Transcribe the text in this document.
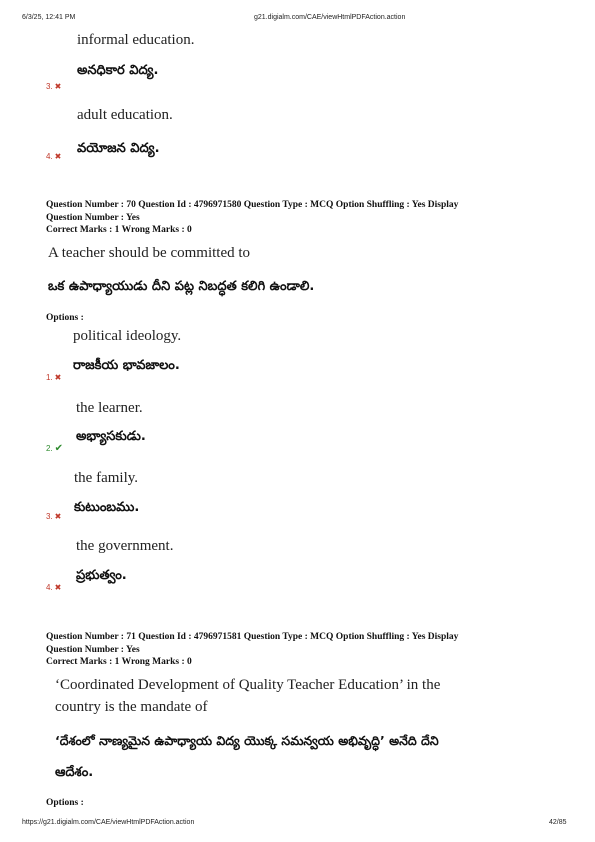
6/3/25, 12:41 PM	g21.digialm.com/CAE/viewHtmlPDFAction.action
informal education.
అనధికార విద్య.
3. ✖
adult education.
వయోజన విద్య.
4. ✖
Question Number : 70 Question Id : 4796971580 Question Type : MCQ Option Shuffling : Yes Display
Question Number : Yes
Correct Marks : 1 Wrong Marks : 0
A teacher should be committed to
ఒక ఉపాధ్యాయుడు దీని పట్ల నిబద్ధత కలిగి ఉండాలి.
Options :
political ideology.
రాజకీయ భావజాలం.
1. ✖
the learner.
అభ్యాసకుడు.
2. ✔
the family.
కుటుంబము.
3. ✖
the government.
ప్రభుత్వం.
4. ✖
Question Number : 71 Question Id : 4796971581 Question Type : MCQ Option Shuffling : Yes Display
Question Number : Yes
Correct Marks : 1 Wrong Marks : 0
‘Coordinated Development of Quality Teacher Education’ in the
country is the mandate of
‘దేశంలో నాణ్యమైన ఉపాధ్యాయ విద్య యొక్క సమన్వయ అభివృద్ధి’ అనేది దేని
ఆదేశం.
Options :
https://g21.digialm.com/CAE/viewHtmlPDFAction.action	42/85
